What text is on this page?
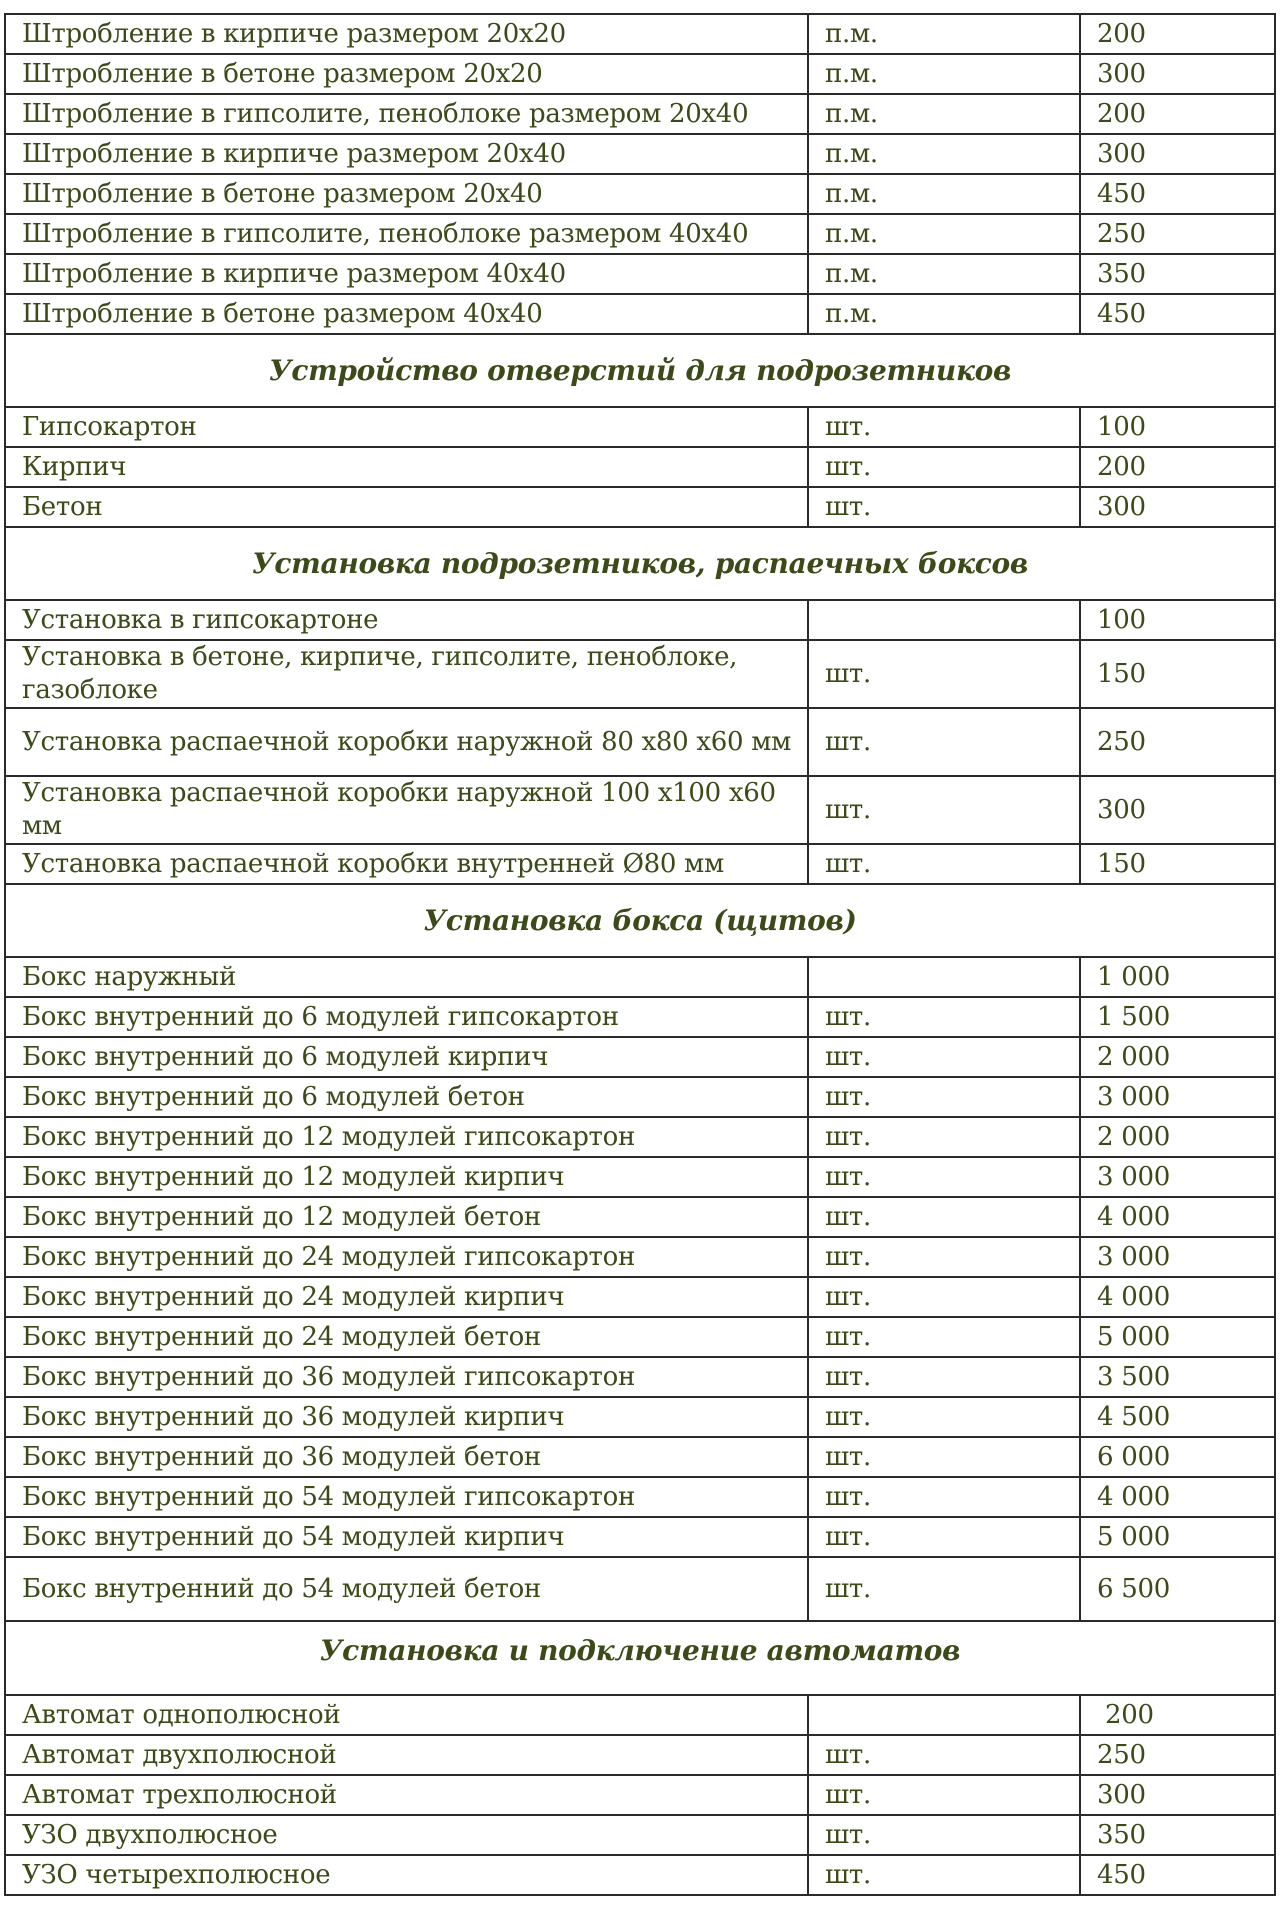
Штробление в кирпиче размером 20х20	п.м.	200
Штробление в бетоне размером 20х20	п.м.	300
Штробление в гипсолите, пеноблоке размером 20х40	п.м.	200
Штробление в кирпиче размером 20х40	п.м.	300
Штробление в бетоне размером 20х40	п.м.	450
Штробление в гипсолите, пеноблоке размером 40х40	п.м.	250
Штробление в кирпиче размером 40х40	п.м.	350
Штробление в бетоне размером 40х40	п.м.	450
Устройство отверстий для подрозетников		
Гипсокартон	шт.	100
Кирпич	шт.	200
Бетон	шт.	300
Установка подрозетников, распаечных боксов		
Установка в гипсокартоне		100
Установка в бетоне, кирпиче, гипсолите, пеноблоке, газоблоке	шт.	150
Установка распаечной коробки наружной 80 х80 х60 мм	шт.	250
Установка распаечной коробки наружной 100 х100 х60 мм	шт.	300
Установка распаечной коробки внутренней Ø80 мм	шт.	150
Установка бокса (щитов)		
Бокс наружный		1 000
Бокс внутренний до 6 модулей гипсокартон	шт.	1 500
Бокс внутренний до 6 модулей кирпич	шт.	2 000
Бокс внутренний до 6 модулей бетон	шт.	3 000
Бокс внутренний до 12 модулей гипсокартон	шт.	2 000
Бокс внутренний до 12 модулей кирпич	шт.	3 000
Бокс внутренний до 12 модулей бетон	шт.	4 000
Бокс внутренний до 24 модулей гипсокартон	шт.	3 000
Бокс внутренний до 24 модулей кирпич	шт.	4 000
Бокс внутренний до 24 модулей бетон	шт.	5 000
Бокс внутренний до 36 модулей гипсокартон	шт.	3 500
Бокс внутренний до 36 модулей кирпич	шт.	4 500
Бокс внутренний до 36 модулей бетон	шт.	6 000
Бокс внутренний до 54 модулей гипсокартон	шт.	4 000
Бокс внутренний до 54 модулей кирпич	шт.	5 000
Бокс внутренний до 54 модулей бетон	шт.	6 500
Установка и подключение автоматов		
Автомат однополюсной		200
Автомат двухполюсной	шт.	250
Автомат трехполюсной	шт.	300
УЗО двухполюсное	шт.	350
УЗО четырехполюсное	шт.	450
